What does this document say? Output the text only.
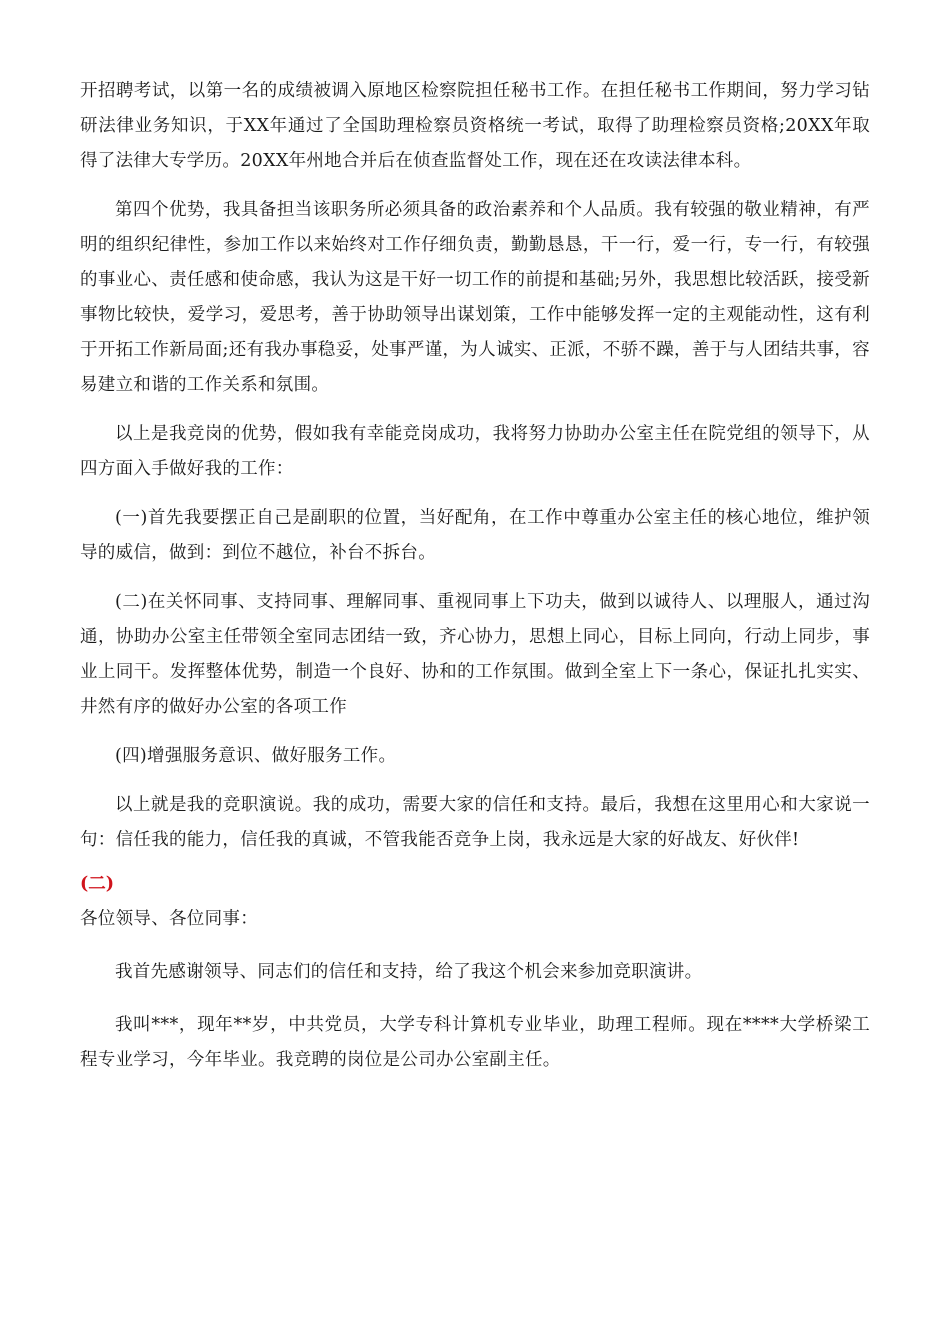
开招聘考试，以第一名的成绩被调入原地区检察院担任秘书工作。在担任秘书工作期间，努力学习钻研法律业务知识，于XX年通过了全国助理检察员资格统一考试，取得了助理检察员资格;20XX年取得了法律大专学历。20XX年州地合并后在侦查监督处工作，现在还在攻读法律本科。

第四个优势，我具备担当该职务所必须具备的政治素养和个人品质。我有较强的敬业精神，有严明的组织纪律性，参加工作以来始终对工作仔细负责，勤勤恳恳，干一行，爱一行，专一行，有较强的事业心、责任感和使命感，我认为这是干好一切工作的前提和基础;另外，我思想比较活跃，接受新事物比较快，爱学习，爱思考，善于协助领导出谋划策，工作中能够发挥一定的主观能动性，这有利于开拓工作新局面;还有我办事稳妥，处事严谨，为人诚实、正派，不骄不躁，善于与人团结共事，容易建立和谐的工作关系和氛围。

以上是我竞岗的优势，假如我有幸能竞岗成功，我将努力协助办公室主任在院党组的领导下，从四方面入手做好我的工作：

(一)首先我要摆正自己是副职的位置，当好配角，在工作中尊重办公室主任的核心地位，维护领导的威信，做到：到位不越位，补台不拆台。

(二)在关怀同事、支持同事、理解同事、重视同事上下功夫，做到以诚待人、以理服人，通过沟通，协助办公室主任带领全室同志团结一致，齐心协力，思想上同心，目标上同向，行动上同步，事业上同干。发挥整体优势，制造一个良好、协和的工作氛围。做到全室上下一条心，保证扎扎实实、井然有序的做好办公室的各项工作

(四)增强服务意识、做好服务工作。

以上就是我的竞职演说。我的成功，需要大家的信任和支持。最后，我想在这里用心和大家说一句：信任我的能力，信任我的真诚，不管我能否竞争上岗，我永远是大家的好战友、好伙伴!

(二)

各位领导、各位同事：

我首先感谢领导、同志们的信任和支持，给了我这个机会来参加竞职演讲。

我叫***，现年**岁，中共党员，大学专科计算机专业毕业，助理工程师。现在****大学桥梁工程专业学习，今年毕业。我竞聘的岗位是公司办公室副主任。
